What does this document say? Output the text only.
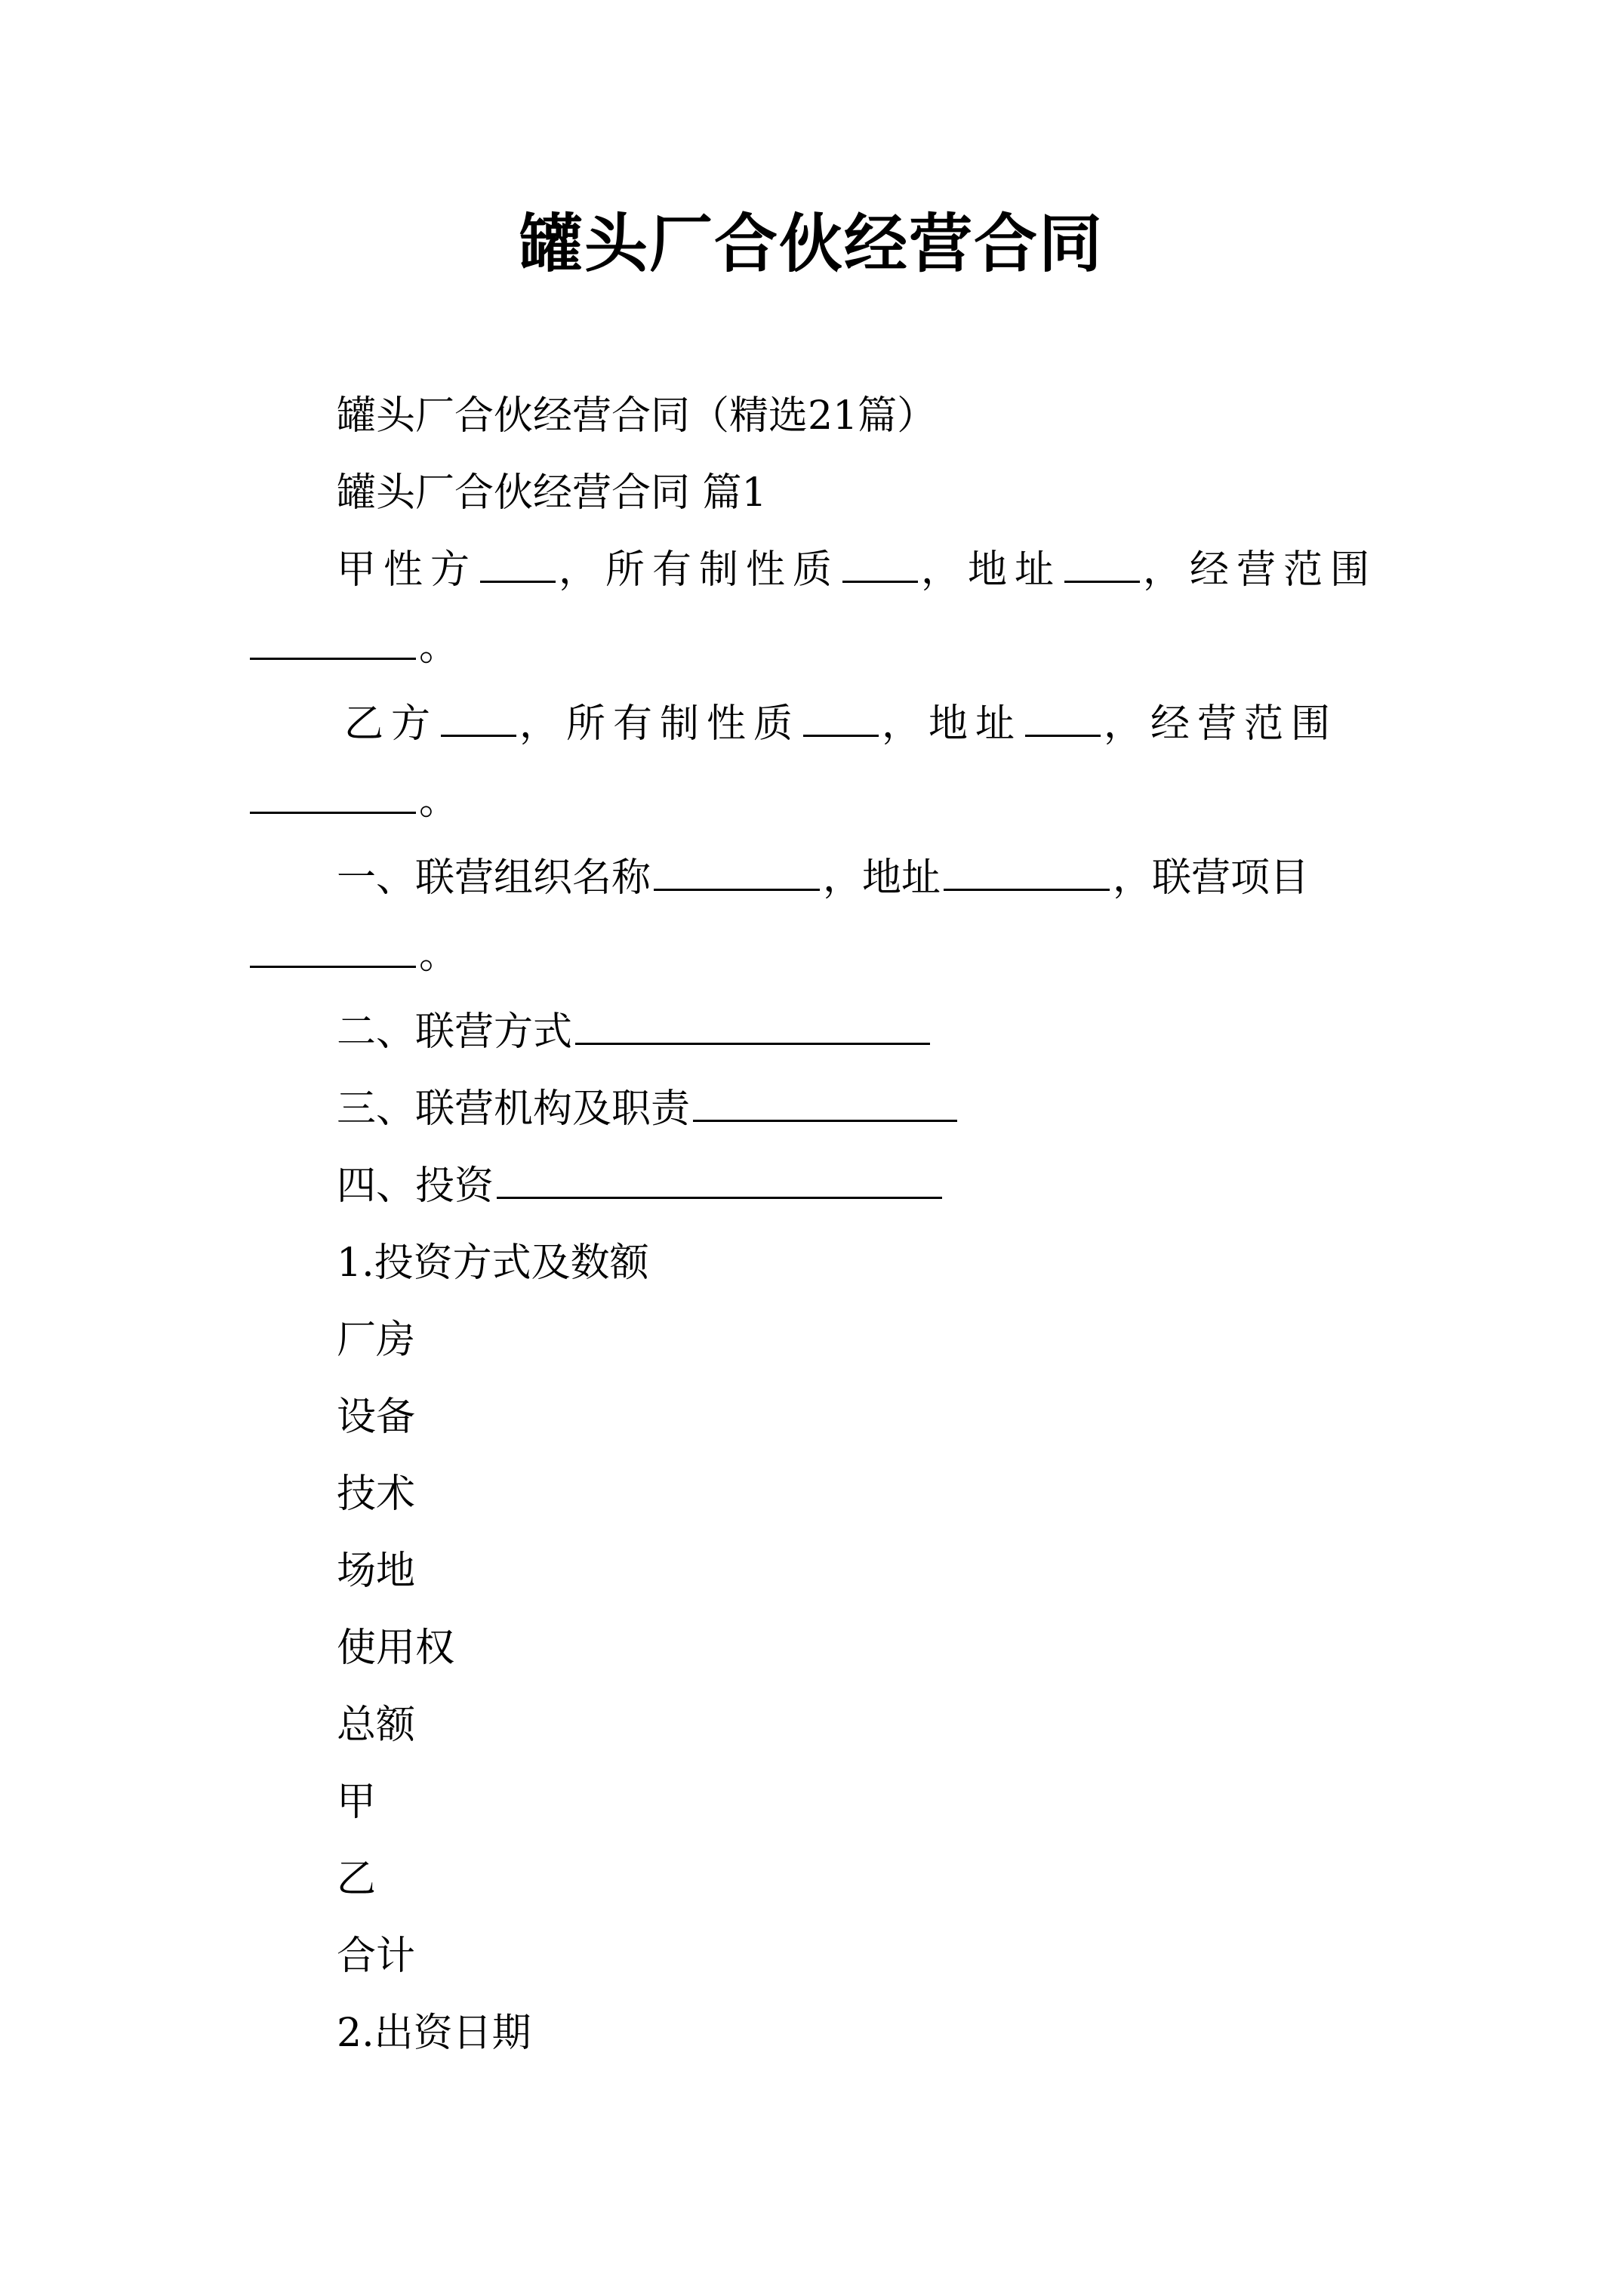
罐头厂合伙经营合同
罐头厂合伙经营合同（精选21篇）
罐头厂合伙经营合同 篇1
甲性方 ，所有制性质 ，地址 ，经营范围
。
乙方 ，所有制性质 ，地址 ，经营范围
。
一、联营组织名称	，地址	，联营项目
。
二、联营方式
三、联营机构及职责
四、投资
1.投资方式及数额
厂房
设备
技术
场地
使用权
总额
甲
乙
合计
2.出资日期
